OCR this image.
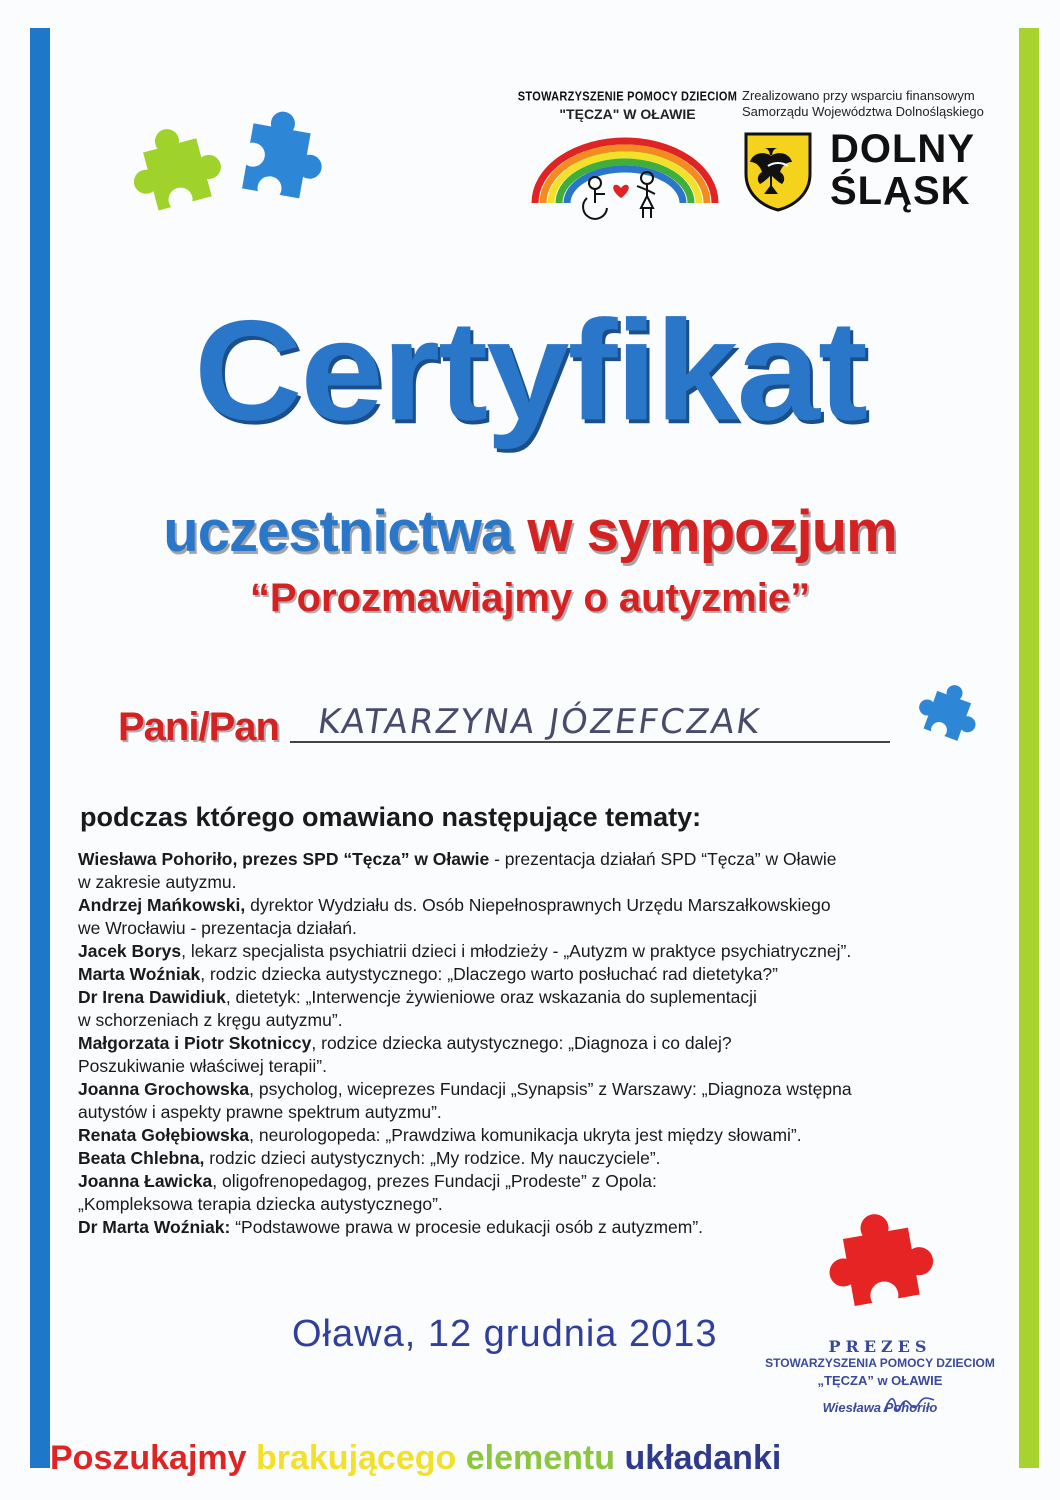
STOWARZYSZENIE POMOCY DZIECIOM
"TĘCZA" W OŁAWIE
Zrealizowano przy wsparciu finansowym
Samorządu Województwa Dolnośląskiego
DOLNY
ŚLĄSK
Certyfikat
uczestnictwa w sympozjum
“Porozmawiajmy o autyzmie”
Pani/Pan KATARZYNA JÓZEFCZAK
podczas którego omawiano następujące tematy:
Wiesława Pohoriło, prezes SPD “Tęcza” w Oławie - prezentacja działań SPD “Tęcza” w Oławie
w zakresie autyzmu.
Andrzej Mańkowski, dyrektor Wydziału ds. Osób Niepełnosprawnych Urzędu Marszałkowskiego
we Wrocławiu - prezentacja działań.
Jacek Borys, lekarz specjalista psychiatrii dzieci i młodzieży - „Autyzm w praktyce psychiatrycznej”.
Marta Woźniak, rodzic dziecka autystycznego: „Dlaczego warto posłuchać rad dietetyka?”
Dr Irena Dawidiuk, dietetyk: „Interwencje żywieniowe oraz wskazania do suplementacji
w schorzeniach z kręgu autyzmu”.
Małgorzata i Piotr Skotniccy, rodzice dziecka autystycznego: „Diagnoza i co dalej?
Poszukiwanie właściwej terapii”.
Joanna Grochowska, psycholog, wiceprezes Fundacji „Synapsis” z Warszawy: „Diagnoza wstępna
autystów i aspekty prawne spektrum autyzmu”.
Renata Gołębiowska, neurologopeda: „Prawdziwa komunikacja ukryta jest między słowami”.
Beata Chlebna, rodzic dzieci autystycznych: „My rodzice. My nauczyciele”.
Joanna Ławicka, oligofrenopedagog, prezes Fundacji „Prodeste” z Opola:
„Kompleksowa terapia dziecka autystycznego”.
Dr Marta Woźniak: “Podstawowe prawa w procesie edukacji osób z autyzmem”.
Oława, 12 grudnia 2013	PREZES
STOWARZYSZENIA POMOCY DZIECIOM
„TĘCZA” w OŁAWIE
Wiesława Pohoriło
Poszukajmy brakującego elementu układanki
